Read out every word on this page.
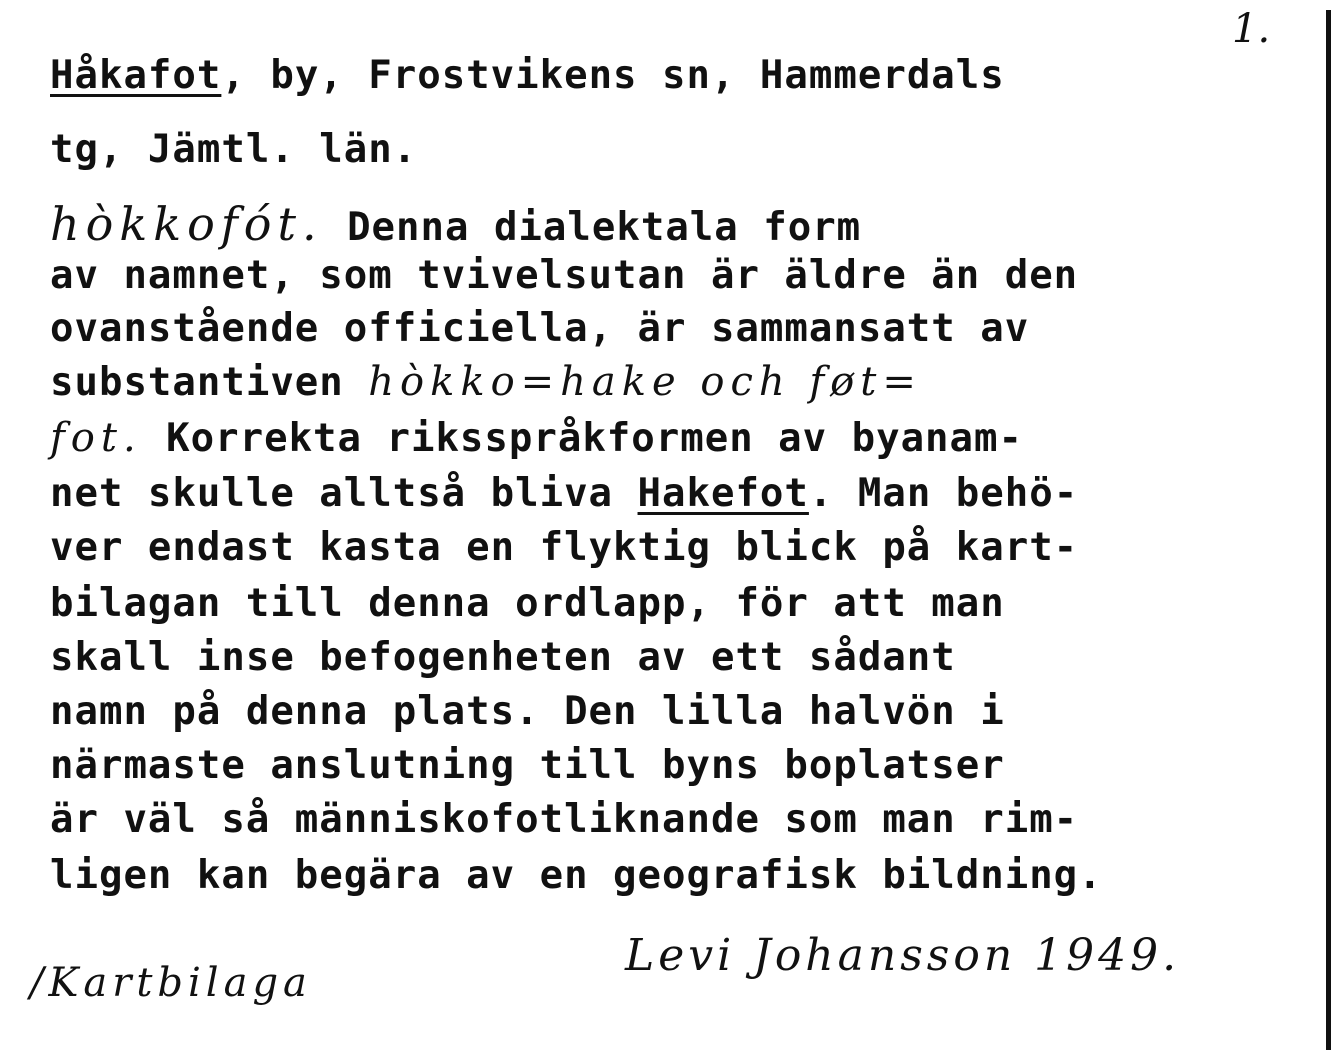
1.
Håkafot, by, Frostvikens sn, Hammerdals
tg, Jämtl. län.
hòkkofót. Denna dialektala form
av namnet, som tvivelsutan är äldre än den
ovanstående officiella, är sammansatt av
substantiven hòkko=hake och føt=
fot. Korrekta riksspråkformen av byanam-
net skulle alltså bliva Hakefot. Man behö-
ver endast kasta en flyktig blick på kart-
bilagan till denna ordlapp, för att man
skall inse befogenheten av ett sådant
namn på denna plats. Den lilla halvön i
närmaste anslutning till byns boplatser
är väl så människofotliknande som man rim-
ligen kan begära av en geografisk bildning.
Levi Johansson 1949.
/Kartbilaga
